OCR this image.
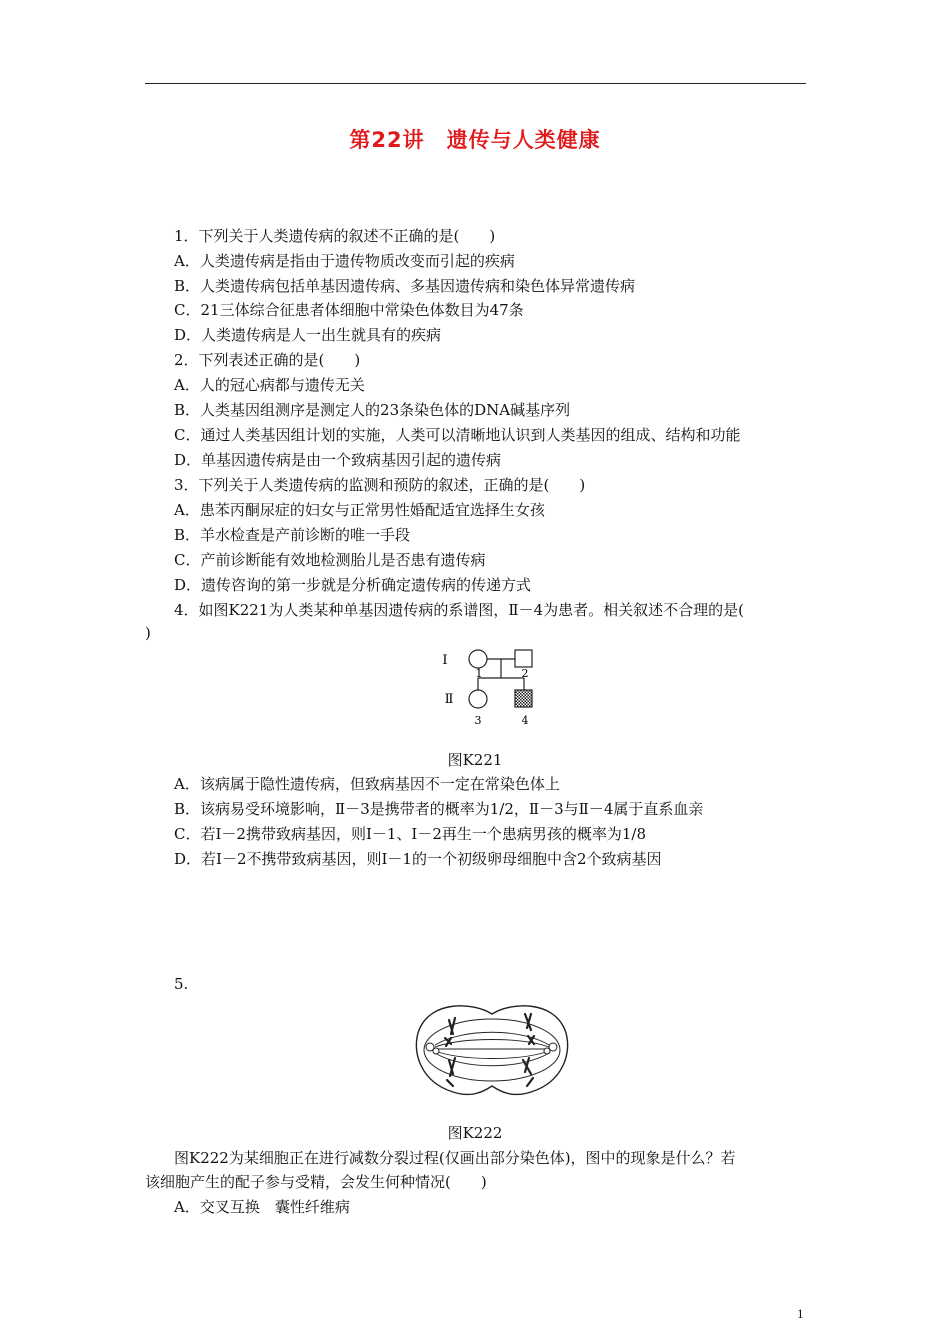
第22讲　遗传与人类健康
1．下列关于人类遗传病的叙述不正确的是(　　)
A．人类遗传病是指由于遗传物质改变而引起的疾病
B．人类遗传病包括单基因遗传病、多基因遗传病和染色体异常遗传病
C．21三体综合征患者体细胞中常染色体数目为47条
D．人类遗传病是人一出生就具有的疾病
2．下列表述正确的是(　　)
A．人的冠心病都与遗传无关
B．人类基因组测序是测定人的23条染色体的DNA碱基序列
C．通过人类基因组计划的实施，人类可以清晰地认识到人类基因的组成、结构和功能
D．单基因遗传病是由一个致病基因引起的遗传病
3．下列关于人类遗传病的监测和预防的叙述，正确的是(　　)
A．患苯丙酮尿症的妇女与正常男性婚配适宜选择生女孩
B．羊水检查是产前诊断的唯一手段
C．产前诊断能有效地检测胎儿是否患有遗传病
D．遗传咨询的第一步就是分析确定遗传病的传递方式
4．如图K221为人类某种单基因遗传病的系谱图，Ⅱ－4为患者。相关叙述不合理的是(
)
Ⅰ
Ⅱ
1	2
3	4
图K221
A．该病属于隐性遗传病，但致病基因不一定在常染色体上
B．该病易受环境影响，Ⅱ－3是携带者的概率为1/2，Ⅱ－3与Ⅱ－4属于直系血亲
C．若Ⅰ－2携带致病基因，则Ⅰ－1、Ⅰ－2再生一个患病男孩的概率为1/8
D．若Ⅰ－2不携带致病基因，则Ⅰ－1的一个初级卵母细胞中含2个致病基因
5.
图K222
图K222为某细胞正在进行减数分裂过程(仅画出部分染色体)，图中的现象是什么？若
该细胞产生的配子参与受精，会发生何种情况(　　)
A．交叉互换　囊性纤维病
1
